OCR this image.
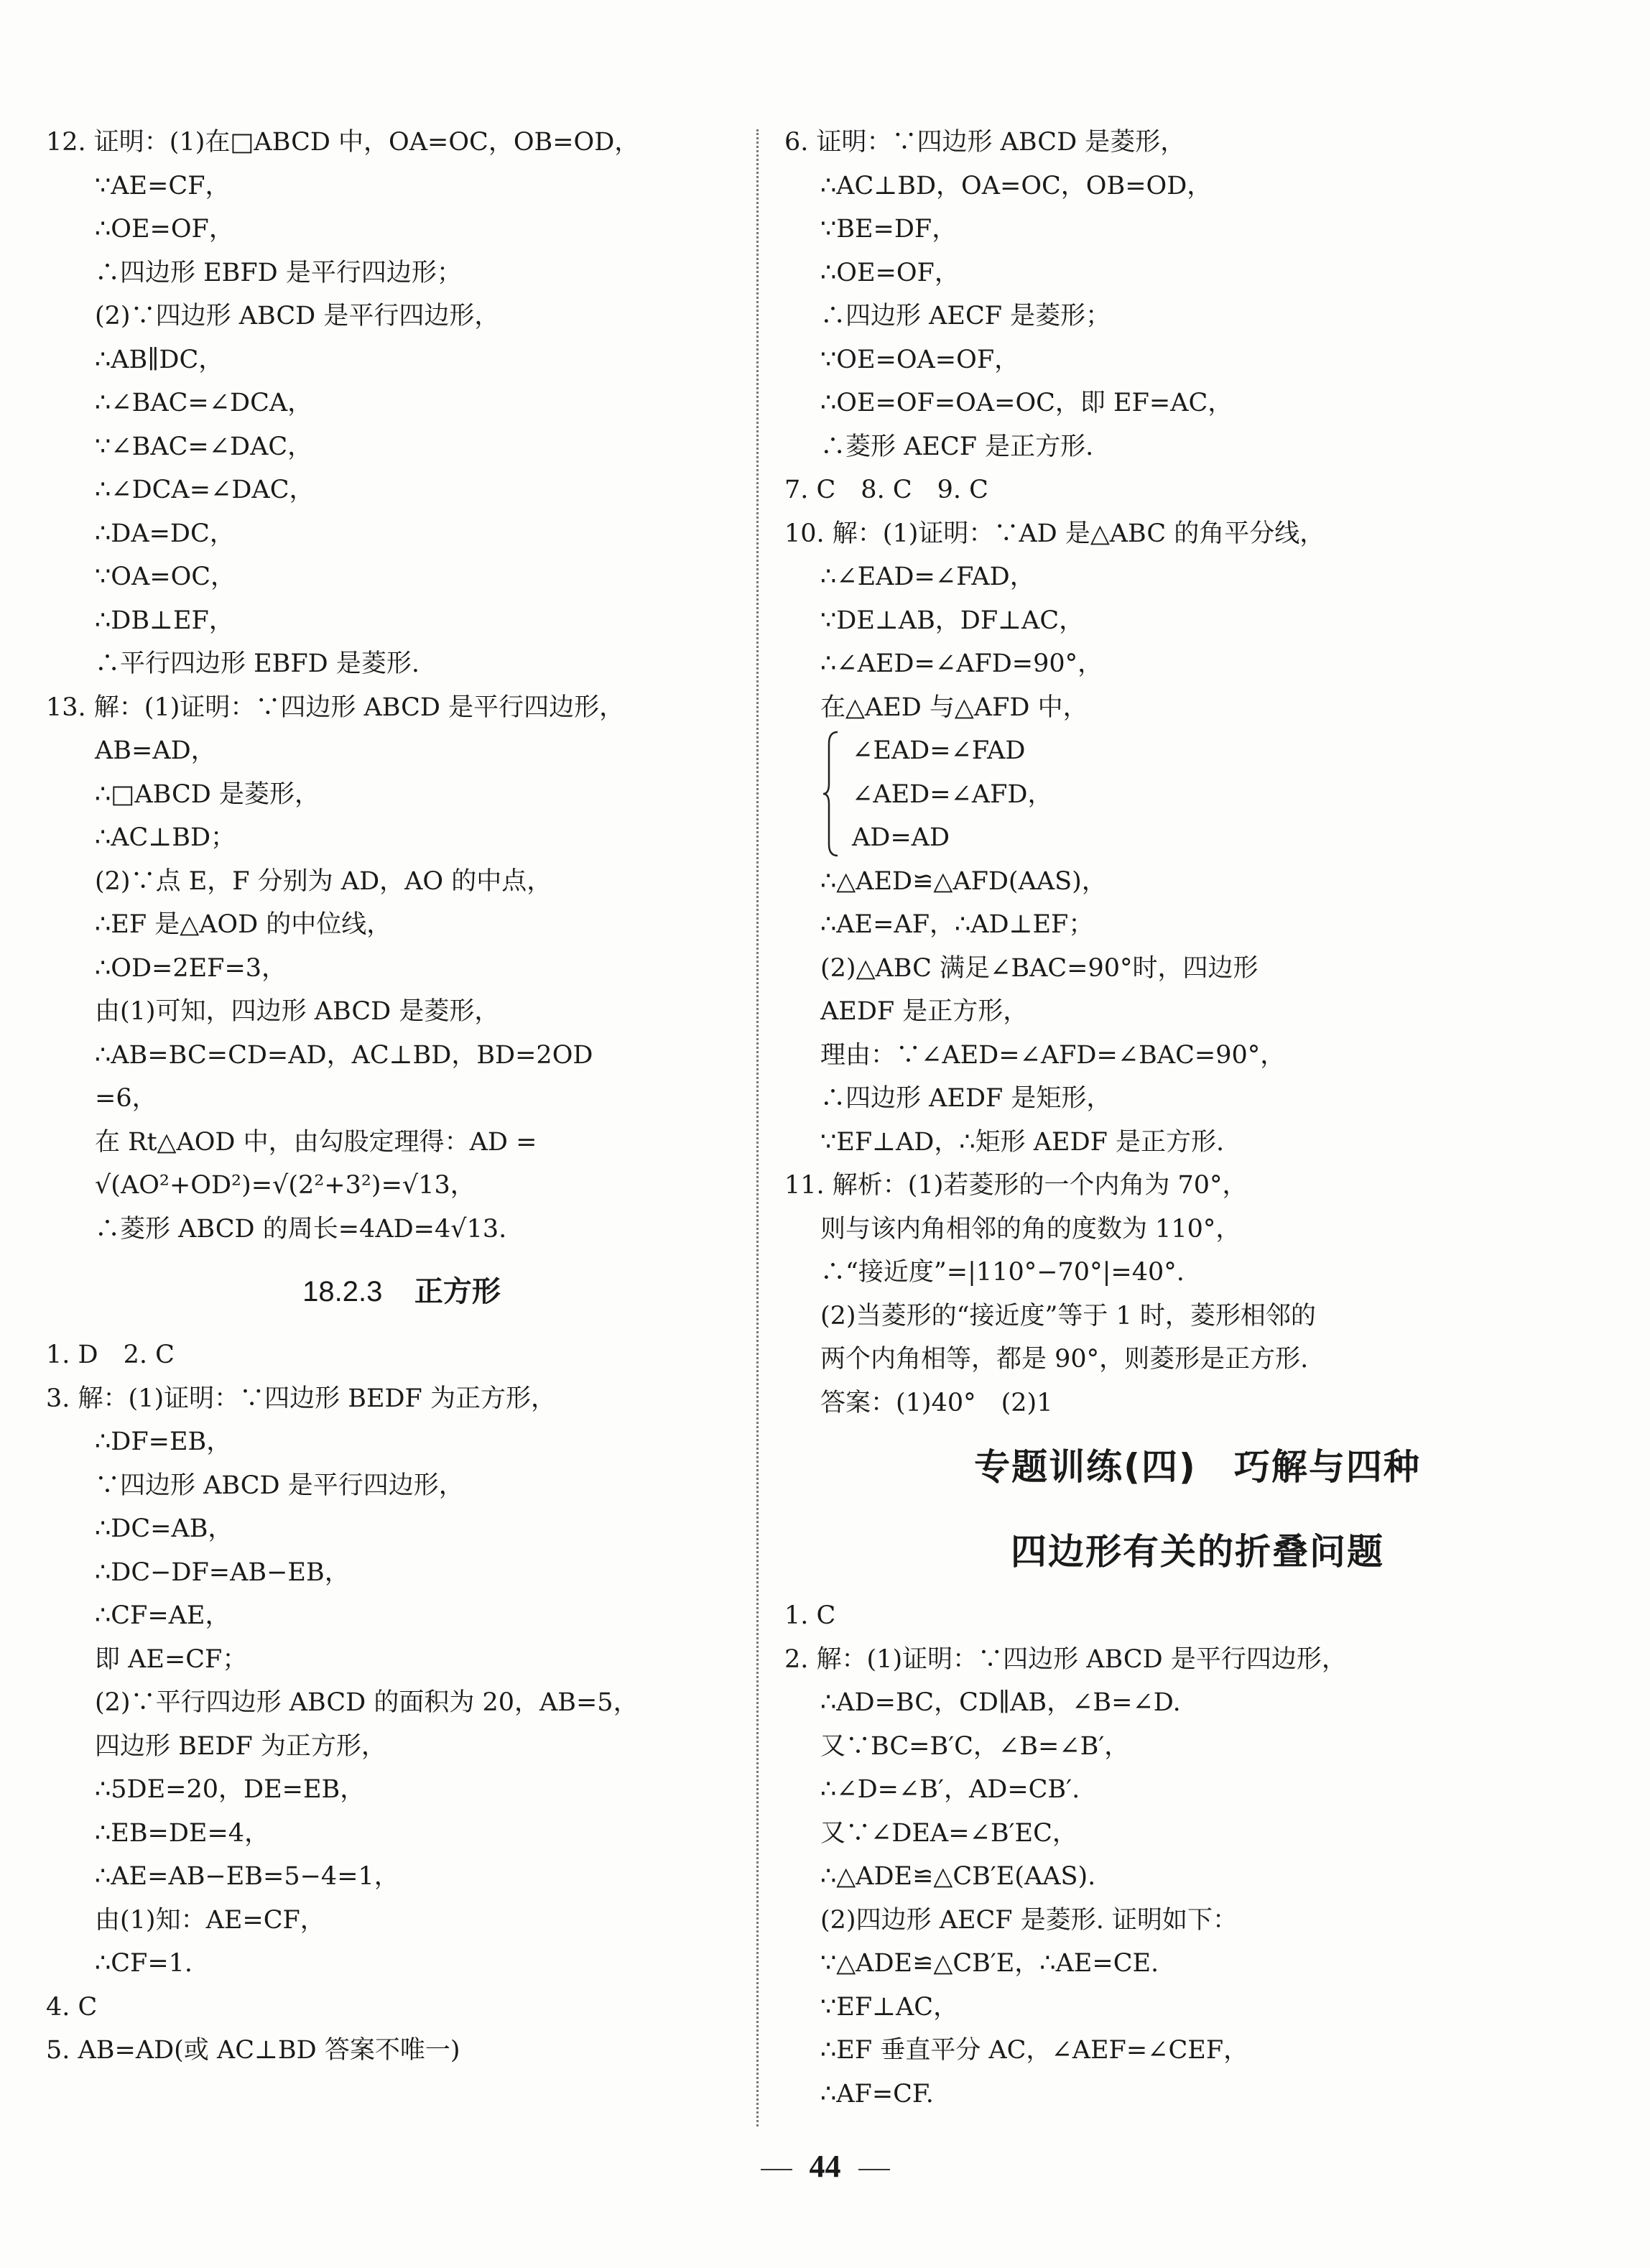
12. 证明：(1)在□ABCD 中，OA=OC，OB=OD，
∵AE=CF，
∴OE=OF，
∴四边形 EBFD 是平行四边形；
(2)∵四边形 ABCD 是平行四边形，
∴AB∥DC，
∴∠BAC=∠DCA，
∵∠BAC=∠DAC，
∴∠DCA=∠DAC，
∴DA=DC，
∵OA=OC，
∴DB⊥EF，
∴平行四边形 EBFD 是菱形.
13. 解：(1)证明：∵四边形 ABCD 是平行四边形，
AB=AD，
∴□ABCD 是菱形，
∴AC⊥BD；
(2)∵点 E，F 分别为 AD，AO 的中点，
∴EF 是△AOD 的中位线，
∴OD=2EF=3，
由(1)可知，四边形 ABCD 是菱形，
∴AB=BC=CD=AD，AC⊥BD，BD=2OD
=6，
在 Rt△AOD 中，由勾股定理得：AD =
√(AO²+OD²)=√(2²+3²)=√13，
∴菱形 ABCD 的周长=4AD=4√13.
18.2.3 正方形
1. D　2. C
3. 解：(1)证明：∵四边形 BEDF 为正方形，
∴DF=EB，
∵四边形 ABCD 是平行四边形，
∴DC=AB，
∴DC−DF=AB−EB，
∴CF=AE，
即 AE=CF；
(2)∵平行四边形 ABCD 的面积为 20，AB=5，
四边形 BEDF 为正方形，
∴5DE=20，DE=EB，
∴EB=DE=4，
∴AE=AB−EB=5−4=1，
由(1)知：AE=CF，
∴CF=1.
4. C
5. AB=AD(或 AC⊥BD 答案不唯一)
6. 证明：∵四边形 ABCD 是菱形，
∴AC⊥BD，OA=OC，OB=OD，
∵BE=DF，
∴OE=OF，
∴四边形 AECF 是菱形；
∵OE=OA=OF，
∴OE=OF=OA=OC，即 EF=AC，
∴菱形 AECF 是正方形.
7. C　8. C　9. C
10. 解：(1)证明：∵AD 是△ABC 的角平分线，
∴∠EAD=∠FAD，
∵DE⊥AB，DF⊥AC，
∴∠AED=∠AFD=90°，
在△AED 与△AFD 中，
∠EAD=∠FAD
∠AED=∠AFD，
AD=AD
∴△AED≌△AFD(AAS)，
∴AE=AF，∴AD⊥EF；
(2)△ABC 满足∠BAC=90°时，四边形
AEDF 是正方形，
理由：∵∠AED=∠AFD=∠BAC=90°，
∴四边形 AEDF 是矩形，
∵EF⊥AD，∴矩形 AEDF 是正方形.
11. 解析：(1)若菱形的一个内角为 70°，
则与该内角相邻的角的度数为 110°，
∴“接近度”=|110°−70°|=40°.
(2)当菱形的“接近度”等于 1 时，菱形相邻的
两个内角相等，都是 90°，则菱形是正方形.
答案：(1)40°　(2)1
专题训练(四)　巧解与四种
四边形有关的折叠问题
1. C
2. 解：(1)证明：∵四边形 ABCD 是平行四边形，
∴AD=BC，CD∥AB，∠B=∠D.
又∵BC=B′C，∠B=∠B′，
∴∠D=∠B′，AD=CB′.
又∵∠DEA=∠B′EC，
∴△ADE≌△CB′E(AAS).
(2)四边形 AECF 是菱形. 证明如下：
∵△ADE≌△CB′E，∴AE=CE.
∵EF⊥AC，
∴EF 垂直平分 AC，∠AEF=∠CEF，
∴AF=CF.
44
